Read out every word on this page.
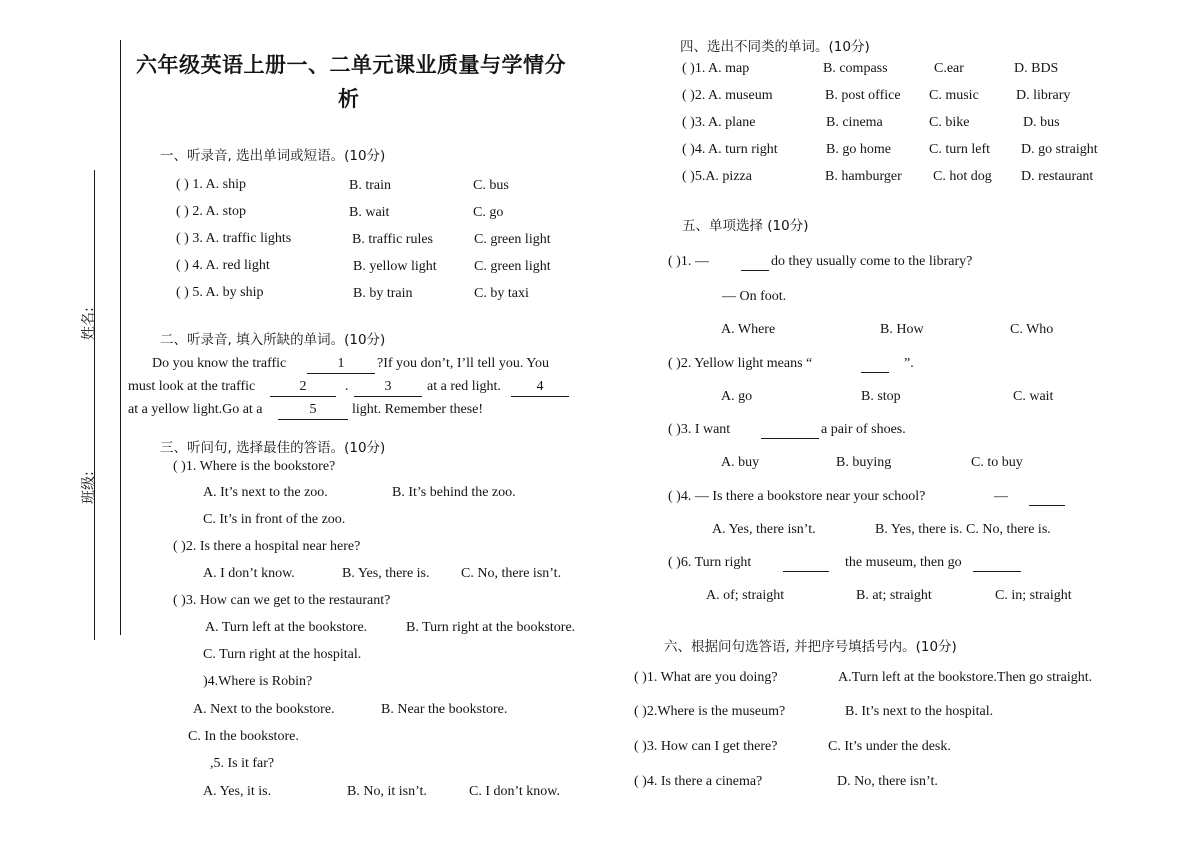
姓名:
班级:
六年级英语上册一、二单元课业质量与学情分
析
一、听录音, 选出单词或短语。(10分)
( ) 1. A. ship	B. train	C. bus
( ) 2. A. stop	B. wait	C. go
( ) 3. A. traffic lights	B. traffic rules	C. green light
( ) 4. A. red light	B. yellow light	C. green light
( ) 5. A. by ship	B. by train	C. by taxi
二、听录音, 填入所缺的单词。(10分)
Do you know the traffic	1	?If you don’t, I’ll tell you. You
must look at the traffic	2	.	3	at a red light.	4
at a yellow light.Go at a	5	light. Remember these!
三、听问句, 选择最佳的答语。(10分)
( )1. Where is the bookstore?
A. It’s next to the zoo.	B. It’s behind the zoo.
C. It’s in front of the zoo.
( )2. Is there a hospital near here?
A. I don’t know.	B. Yes, there is. C. No, there isn’t.
( )3. How can we get to the restaurant?
A. Turn left at the bookstore.	B. Turn right at the bookstore.
C. Turn right at the hospital.
)4.Where is Robin?
A. Next to the bookstore.	B. Near the bookstore.
C. In the bookstore.
,5. Is it far?
A. Yes, it is.	B. No, it isn’t.	C. I don’t know.
四、选出不同类的单词。(10分)
( )1. A. map	B. compass	C.ear	D. BDS
( )2. A. museum	B. post office C. music	D. library
( )3. A. plane	B. cinema	C. bike	D. bus
( )4. A. turn right	B. go home	C. turn left D. go straight
( )5.A. pizza	B. hamburger C. hot dog D. restaurant
五、单项选择 (10分)
( )1. —	do they usually come to the library?
— On foot.
A. Where	B. How	C. Who
( )2. Yellow light means “	”.
A. go	B. stop	C. wait
( )3. I want	a pair of shoes.
A. buy	B. buying	C. to buy
( )4. — Is there a bookstore near your school?	—
A. Yes, there isn’t.	B. Yes, there is. C. No, there is.
( )6. Turn right	the museum, then go
A. of; straight	B. at; straight	C. in; straight
六、根据问句选答语, 并把序号填括号内。(10分)
( )1. What are you doing?	A.Turn left at the bookstore.Then go straight.
( )2.Where is the museum?	B. It’s next to the hospital.
( )3. How can I get there?	C. It’s under the desk.
( )4. Is there a cinema?	D. No, there isn’t.
